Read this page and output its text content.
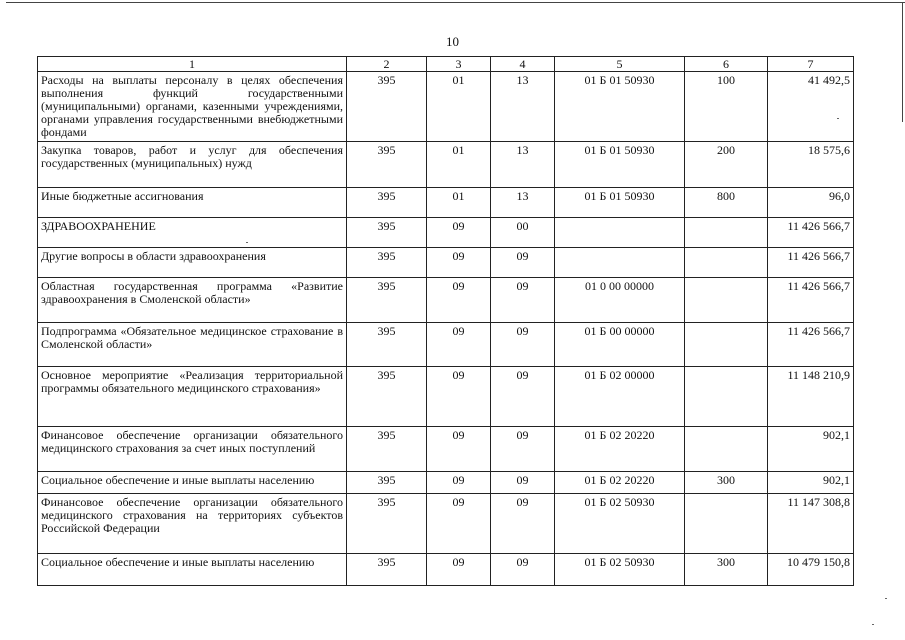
10
1	2	3	4	5	6	7
Расходы на выплаты персоналу в целях обеспечения выполнения функций государственными (муниципальными) органами, казенными учреждениями, органами управления государственными внебюджетными фондами	395	01	13	01 Б 01 50930	100	41 492,5
Закупка товаров, работ и услуг для обеспечения государственных (муниципальных) нужд	395	01	13	01 Б 01 50930	200	18 575,6
Иные бюджетные ассигнования	395	01	13	01 Б 01 50930	800	96,0
ЗДРАВООХРАНЕНИЕ	395	09	00			11 426 566,7
Другие вопросы в области здравоохранения	395	09	09			11 426 566,7
Областная государственная программа «Развитие здравоохранения в Смоленской области»	395	09	09	01 0 00 00000		11 426 566,7
Подпрограмма «Обязательное медицинское страхование в Смоленской области»	395	09	09	01 Б 00 00000		11 426 566,7
Основное мероприятие «Реализация территориальной программы обязательного медицинского страхования»	395	09	09	01 Б 02 00000		11 148 210,9
Финансовое обеспечение организации обязательного медицинского страхования за счет иных поступлений	395	09	09	01 Б 02 20220		902,1
Социальное обеспечение и иные выплаты населению	395	09	09	01 Б 02 20220	300	902,1
Финансовое обеспечение организации обязательного медицинского страхования на территориях субъектов Российской Федерации	395	09	09	01 Б 02 50930		11 147 308,8
Социальное обеспечение и иные выплаты населению	395	09	09	01 Б 02 50930	300	10 479 150,8
